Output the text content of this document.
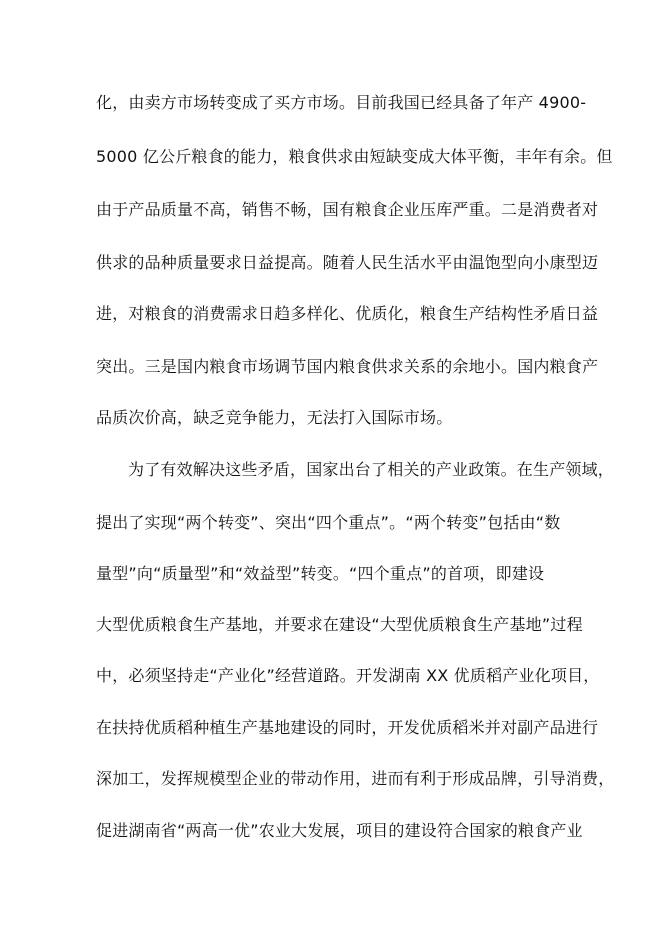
化，由卖方市场转变成了买方市场。目前我国已经具备了年产 4900-
5000 亿公斤粮食的能力，粮食供求由短缺变成大体平衡，丰年有余。但
由于产品质量不高，销售不畅，国有粮食企业压库严重。二是消费者对
供求的品种质量要求日益提高。随着人民生活水平由温饱型向小康型迈
进，对粮食的消费需求日趋多样化、优质化，粮食生产结构性矛盾日益
突出。三是国内粮食市场调节国内粮食供求关系的余地小。国内粮食产
品质次价高，缺乏竞争能力，无法打入国际市场。
为了有效解决这些矛盾，国家出台了相关的产业政策。在生产领域，
提出了实现“两个转变”、突出“四个重点”。“两个转变”包括由“数
量型”向“质量型”和“效益型”转变。“四个重点”的首项，即建设
大型优质粮食生产基地，并要求在建设“大型优质粮食生产基地”过程
中，必须坚持走“产业化”经营道路。开发湖南 XX 优质稻产业化项目，
在扶持优质稻种植生产基地建设的同时，开发优质稻米并对副产品进行
深加工，发挥规模型企业的带动作用，进而有利于形成品牌，引导消费，
促进湖南省“两高一优”农业大发展，项目的建设符合国家的粮食产业
